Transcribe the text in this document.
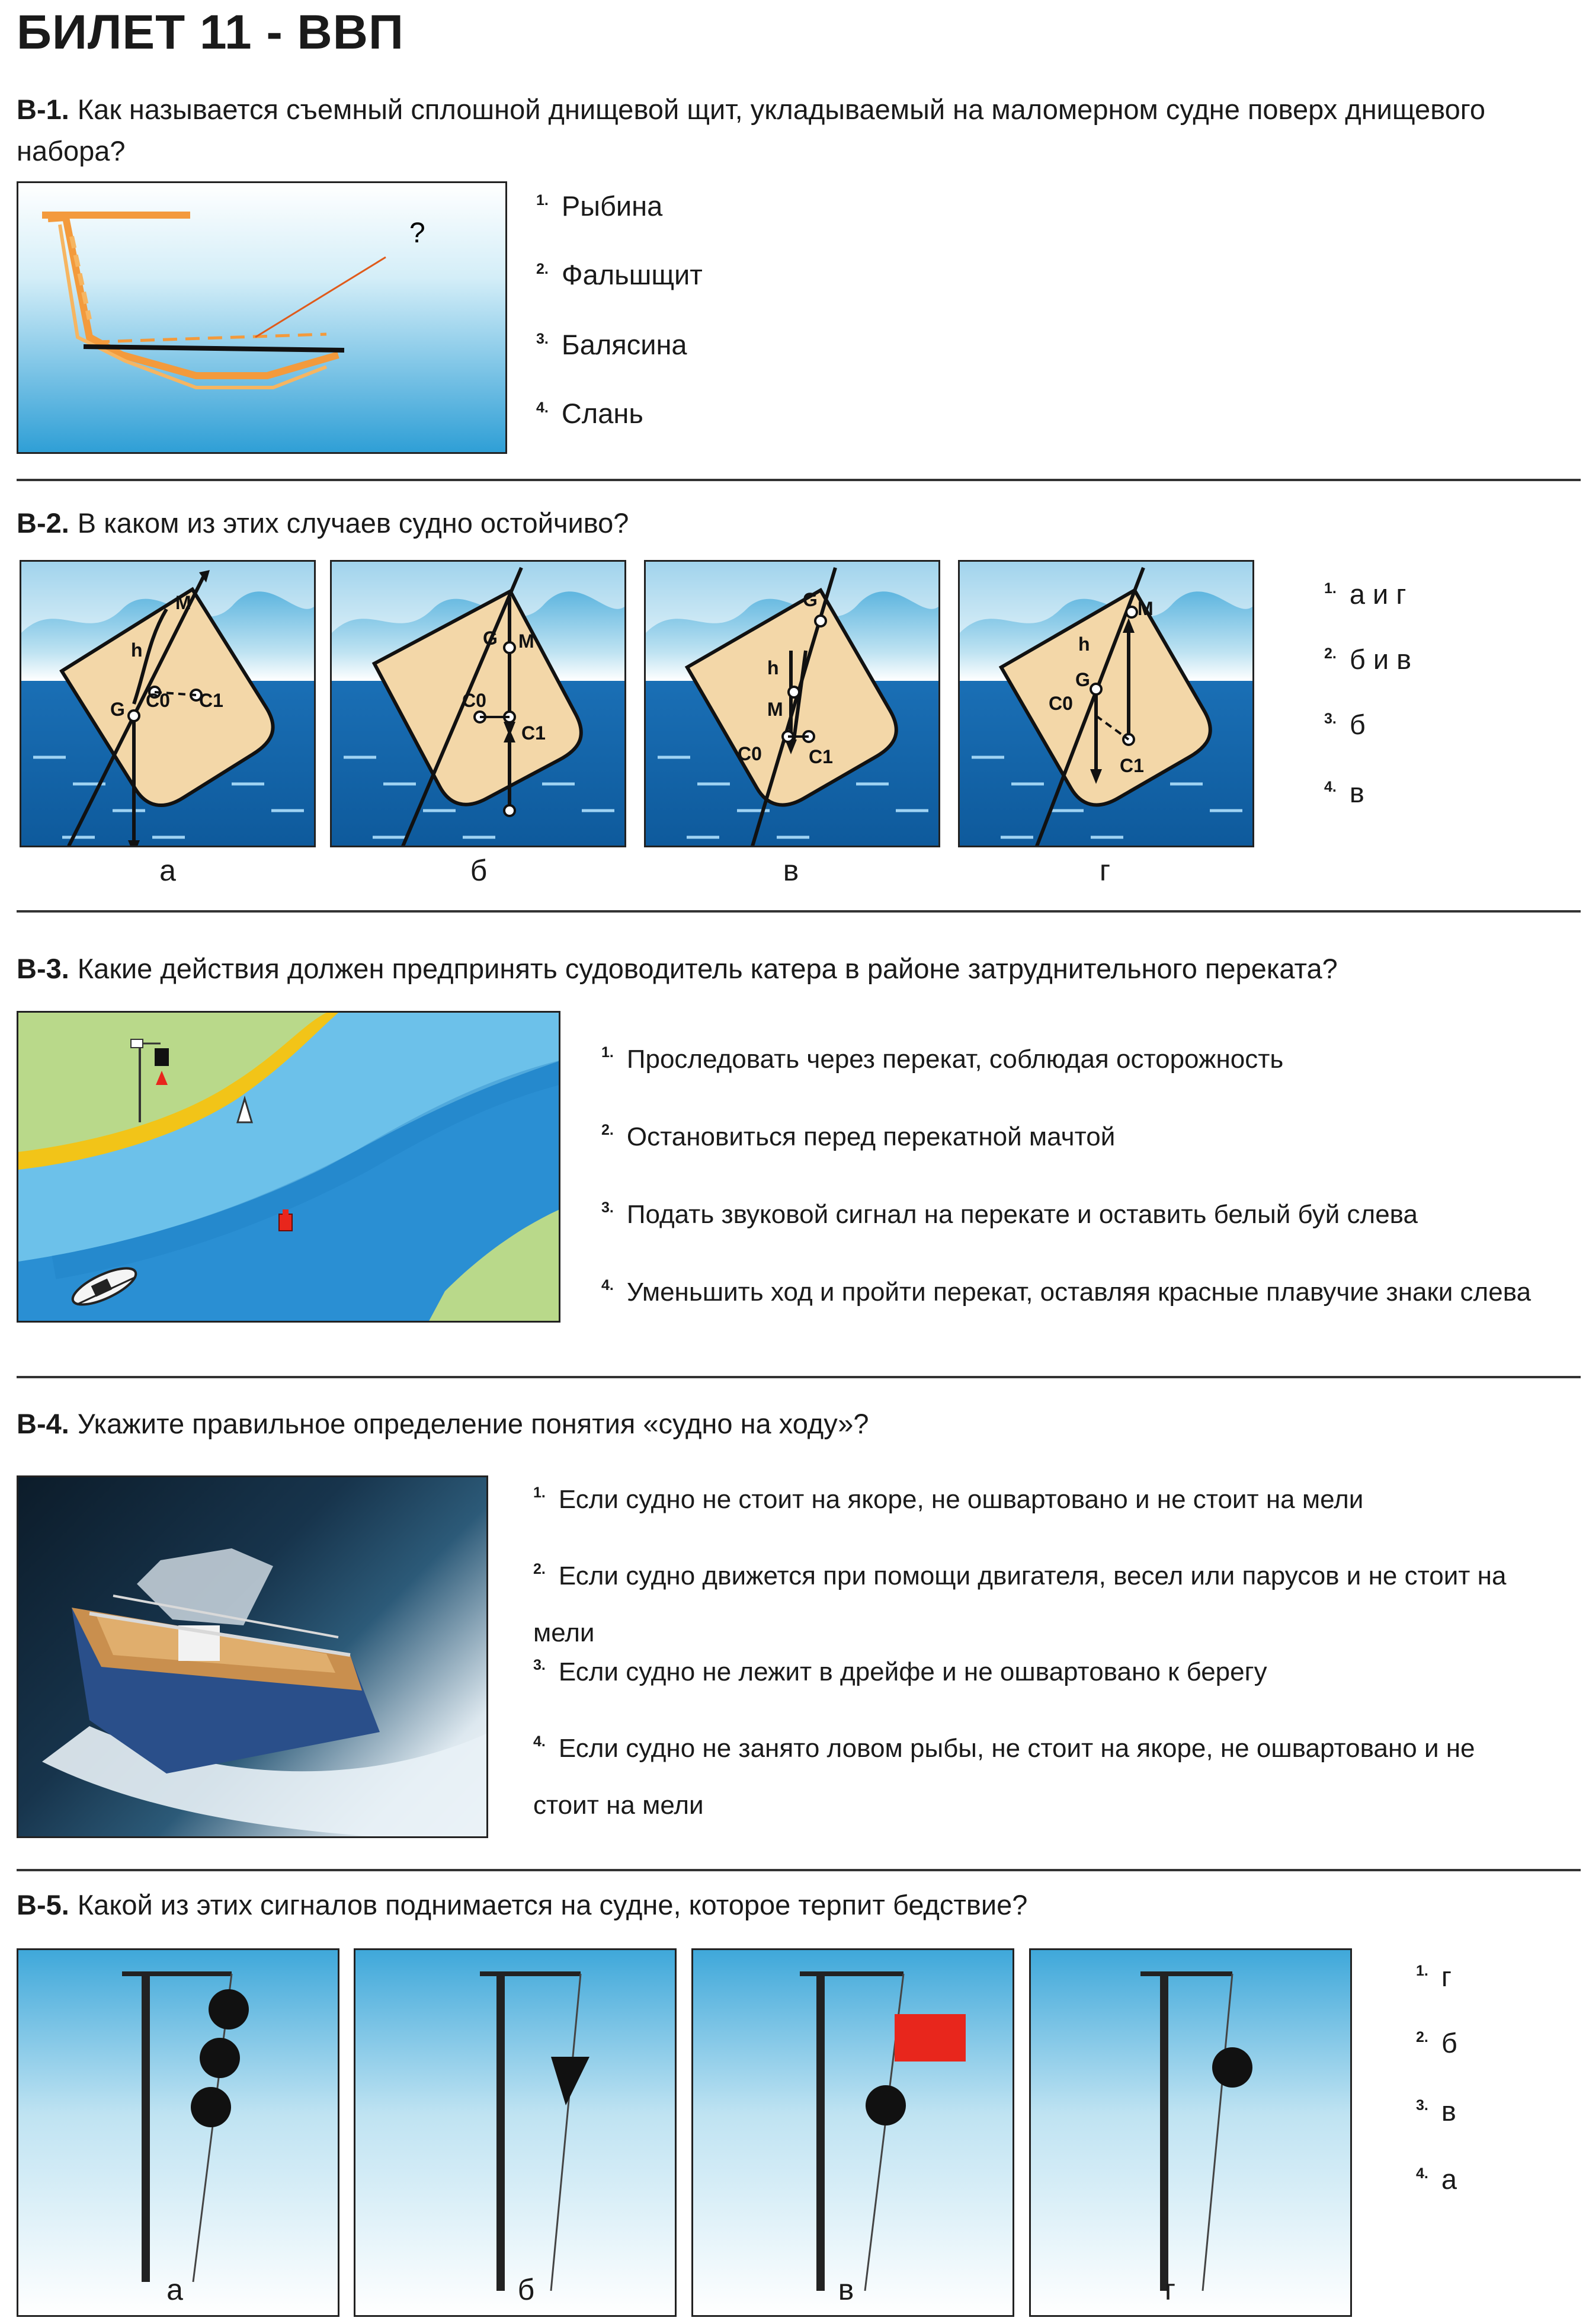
БИЛЕТ 11 - ВВП
В-1. Как называется съемный сплошной днищевой щит, укладываемый на маломерном судне поверх днищевого набора?
?
$^{1.}$ Рыбина
$^{2.}$ Фальшщит
$^{3.}$ Балясина
$^{4.}$ Слань
В-2. В каком из этих случаев судно остойчиво?
M
G
h
C0 C1
M
G
C0
C1
G
M
h
C0 C1
M
G
h
C0
C1
а	б	в	г
$^{1.}$ а и г
$^{2.}$ б и в
$^{3.}$ б
$^{4.}$ в
В-3. Какие действия должен предпринять судоводитель катера в районе затруднительного переката?
$^{1.}$ Проследовать через перекат, соблюдая осторожность
$^{2.}$ Остановиться перед перекатной мачтой
$^{3.}$ Подать звуковой сигнал на перекате и оставить белый буй слева
$^{4.}$ Уменьшить ход и пройти перекат, оставляя красные плавучие знаки слева
В-4. Укажите правильное определение понятия «судно на ходу»?
$^{1.}$ Если судно не стоит на якоре, не ошвартовано и не стоит на мели
$^{2.}$ Если судно движется при помощи двигателя, весел или парусов и не стоит на мели
$^{3.}$ Если судно не лежит в дрейфе и не ошвартовано к берегу
$^{4.}$ Если судно не занято ловом рыбы, не стоит на якоре, не ошвартовано и не стоит на мели
В-5. Какой из этих сигналов поднимается на судне, которое терпит бедствие?
а	б	в	г
$^{1.}$ г
$^{2.}$ б
$^{3.}$ в
$^{4.}$ а
